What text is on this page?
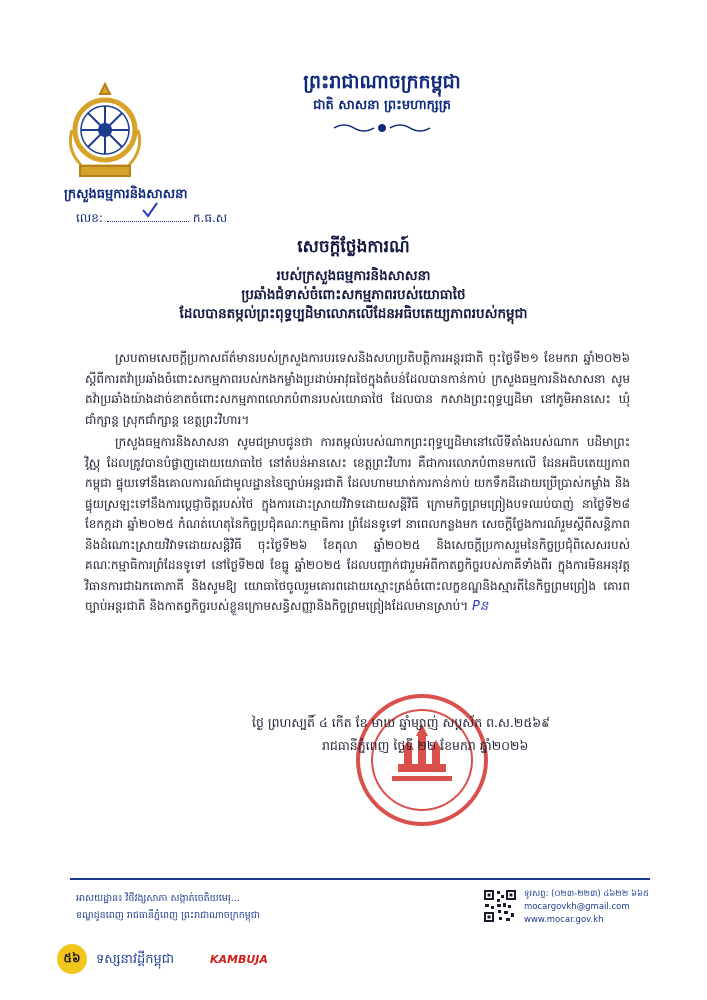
ព្រះរាជាណាចក្រកម្ពុជា
ជាតិ សាសនា ព្រះមហាក្សត្រ
ក្រសួងធម្មការនិងសាសនា
លេខ:	ក.ធ.ស
សេចក្តីថ្លែងការណ៍
របស់ក្រសួងធម្មការនិងសាសនា
ប្រឆាំងជំទាស់ចំពោះសកម្មភាពរបស់យោធាថៃ
ដែលបានតម្កល់ព្រះពុទ្ធប្បដិមាលោភលើដែនអធិបតេយ្យភាពរបស់កម្ពុជា

ស្របតាមសេចក្តីប្រកាសព័ត៌មានរបស់ក្រសួងការបរទេសនិងសហប្រតិបត្តិការអន្តរជាតិ ចុះថ្ងៃទី២១ ខែមករា ឆ្នាំ២០២៦ ស្តីពីការតវ៉ាប្រឆាំងចំពោះសកម្មភាពរបស់កងកម្លាំងប្រដាប់អាវុធថៃក្នុងតំបន់ដែលបានកាន់កាប់ ក្រសួងធម្មការនិងសាសនា សូមតវ៉ាប្រឆាំងយ៉ាងដាច់ខាតចំពោះសកម្មភាពលោភបំពានរបស់យោធាថៃ ដែលបាន កសាងព្រះពុទ្ធប្បដិមា នៅភូមិអានសេះ ឃុំជាំក្សាន្ត ស្រុកជាំក្សាន្ត ខេត្តព្រះវិហារ។

ក្រសួងធម្មការនិងសាសនា សូមជម្រាបជូនថា ការតម្កល់របស់ណាកព្រះពុទ្ធប្បដិមានៅលើទីតាំងរបស់ណាក បដិមាព្រះវិស្ណុ ដែលត្រូវបានបំផ្លាញដោយយោធាថៃ នៅតំបន់អានសេះ ខេត្តព្រះវិហារ គឺជាការលោភបំពានមកលើ ដែនអធិបតេយ្យភាពកម្ពុជា ផ្ទុយទៅនឹងគោលការណ៍ជាមូលដ្ឋាននៃច្បាប់អន្តរជាតិ ដែលហាមឃាត់ការកាន់កាប់ យកទឹកដីដោយប្រើប្រាស់កម្លាំង និងផ្ទុយស្រឡះទៅនឹងការប្តេជ្ញាចិត្តរបស់ថៃ ក្នុងការដោះស្រាយវិវាទដោយសន្តិវិធី ក្រោមកិច្ចព្រមព្រៀងបទឈប់បាញ់ នាថ្ងៃទី២៨ ខែកក្កដា ឆ្នាំ២០២៥ កំណត់ហេតុនៃកិច្ចប្រជុំគណៈកម្មាធិការ ព្រំដែនទូទៅ នាពេលកន្លងមក សេចក្តីថ្លែងការណ៍រួមស្តីពីសន្តិភាពនិងដំណោះស្រាយវិវាទដោយសន្តិវិធី ចុះថ្ងៃទី២៦ ខែតុលា ឆ្នាំ២០២៥ និងសេចក្តីប្រកាសរួមនៃកិច្ចប្រជុំពិសេសរបស់គណៈកម្មាធិការព្រំដែនទូទៅ នៅថ្ងៃទី២៧ ខែធ្នូ ឆ្នាំ២០២៥ ដែលបញ្ជាក់ជារួមអំពីកាតព្វកិច្ចរបស់ភាគីទាំងពីរ ក្នុងការមិនអនុវត្តវិធានការជាឯកតោភាគី និងសូមឱ្យ យោធាថៃចូលរួមគោរពដោយស្មោះត្រង់ចំពោះលក្ខខណ្ឌនិងស្មារតីនៃកិច្ចព្រមព្រៀង គោរពច្បាប់អន្តរជាតិ និងកាតព្វកិច្ចរបស់ខ្លួនក្រោមសន្ធិសញ្ញានិងកិច្ចព្រមព្រៀងដែលមានស្រាប់។ Pន

ថ្ងៃ ព្រហស្បតិ៍ ៤ កើត ខែ មាឃ ឆ្នាំម្សាញ់ សប្តស័ក ព.ស.២៥៦៩
រាជធានីភ្នំពេញ ថ្ងៃទី ២២ ខែមករា ឆ្នាំ២០២៦
អាសយដ្ឋាន៖ វិថីវង្សសាភា សង្កាត់ចេតិយមេរុ...
ខណ្ឌដូនពេញ រាជធានីភ្នំពេញ ព្រះរាជាណាចក្រកម្ពុជា
ទូរសព្ទ: (០២៣-២២៣) ៤៦២២ ៦៦៥
mocargovkh@gmail.com
www.mocar.gov.kh
៥៦	ទស្សនាវដ្តីកម្ពុជា	KAMBUJA
